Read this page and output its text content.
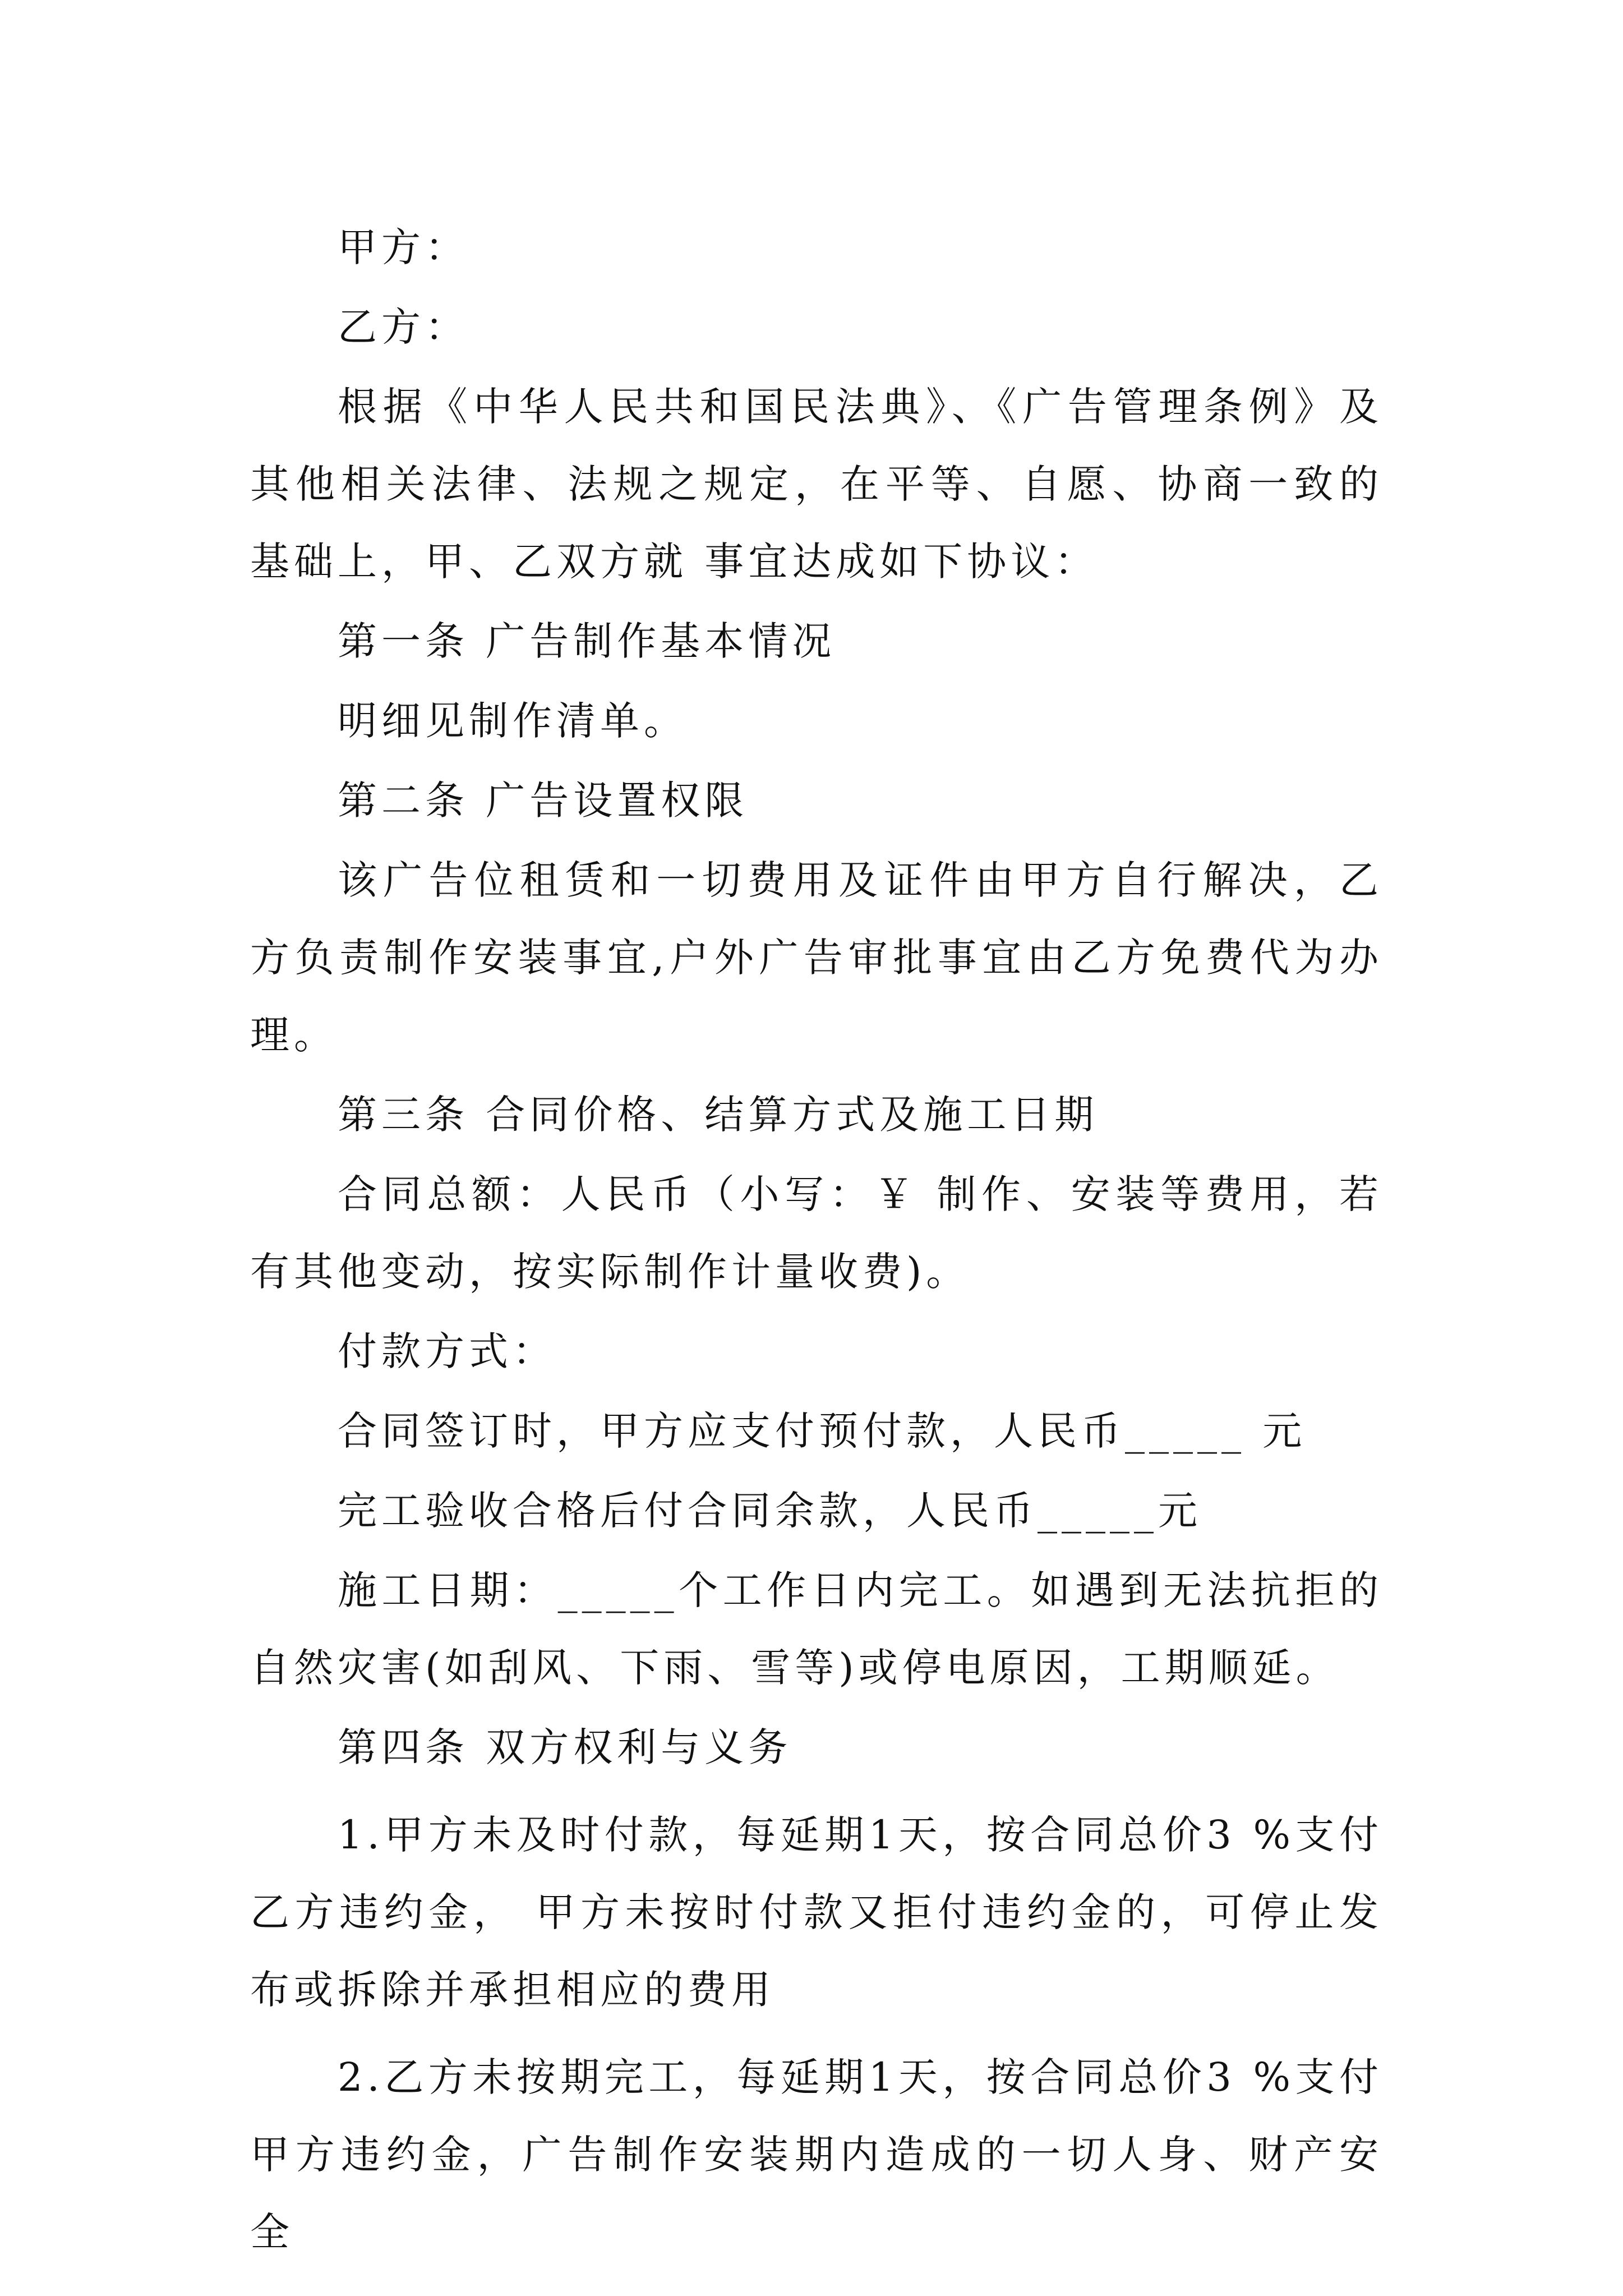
甲方：

乙方：

根据《中华人民共和国民法典》、《广告管理条例》及其他相关法律、法规之规定，在平等、自愿、协商一致的基础上，甲、乙双方就 事宜达成如下协议：

第一条 广告制作基本情况

明细见制作清单。

第二条 广告设置权限

该广告位租赁和一切费用及证件由甲方自行解决，乙方负责制作安装事宜,户外广告审批事宜由乙方免费代为办理。

第三条 合同价格、结算方式及施工日期

合同总额：人民币（小写：￥ 制作、安装等费用，若有其他变动，按实际制作计量收费)。

付款方式：

合同签订时，甲方应支付预付款，人民币_____ 元

完工验收合格后付合同余款，人民币_____元

施工日期：_____个工作日内完工。如遇到无法抗拒的自然灾害(如刮风、下雨、雪等)或停电原因，工期顺延。

第四条 双方权利与义务

1.甲方未及时付款，每延期1天，按合同总价3 %支付乙方违约金， 甲方未按时付款又拒付违约金的，可停止发布或拆除并承担相应的费用

2.乙方未按期完工，每延期1天，按合同总价3 %支付甲方违约金，广告制作安装期内造成的一切人身、财产安全
